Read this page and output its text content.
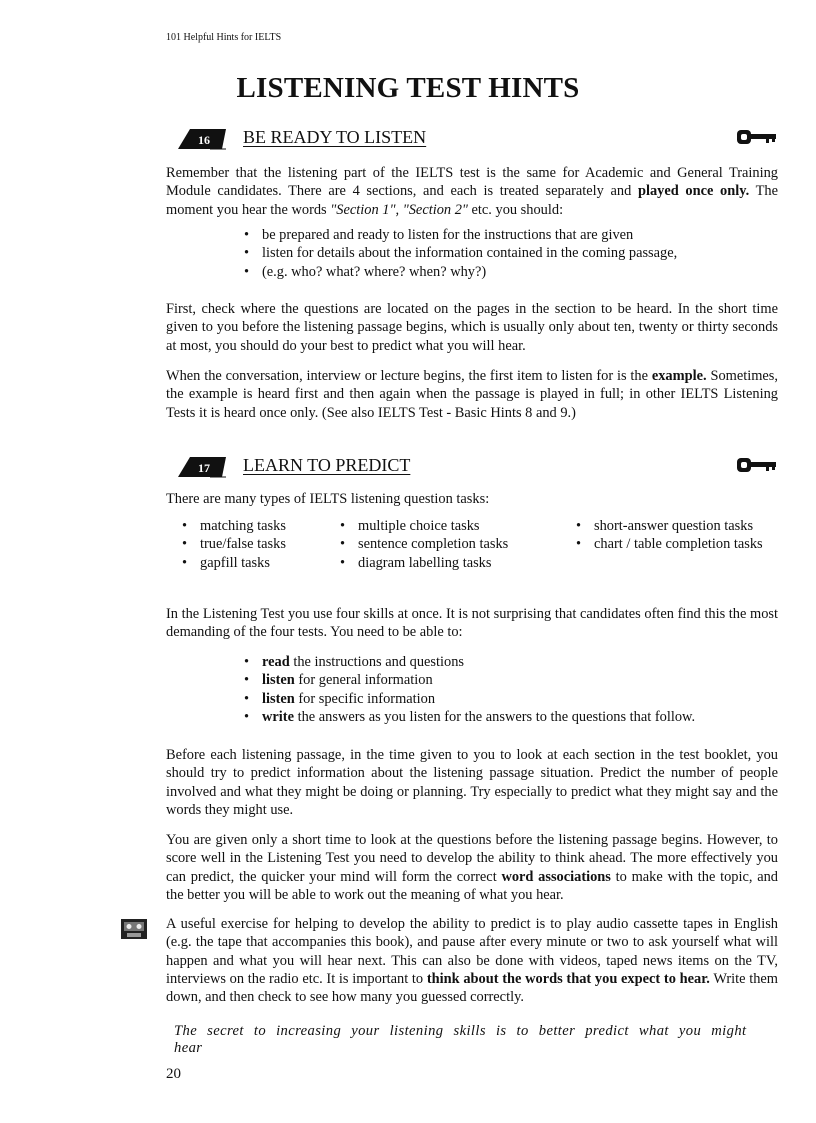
101 Helpful Hints for IELTS
LISTENING TEST HINTS
16 BE READY TO LISTEN
Remember that the listening part of the IELTS test is the same for Academic and General Training Module candidates. There are 4 sections, and each is treated separately and played once only. The moment you hear the words "Section 1", "Section 2" etc. you should:
• be prepared and ready to listen for the instructions that are given
• listen for details about the information contained in the coming passage,
• (e.g. who? what? where? when? why?)
First, check where the questions are located on the pages in the section to be heard. In the short time given to you before the listening passage begins, which is usually only about ten, twenty or thirty seconds at most, you should do your best to predict what you will hear.
When the conversation, interview or lecture begins, the first item to listen for is the example. Sometimes, the example is heard first and then again when the passage is played in full; in other IELTS Listening Tests it is heard once only. (See also IELTS Test - Basic Hints 8 and 9.)
17 LEARN TO PREDICT
There are many types of IELTS listening question tasks:
• matching tasks
• true/false tasks
• gapfill tasks
• multiple choice tasks
• sentence completion tasks
• diagram labelling tasks
• short-answer question tasks
• chart / table completion tasks
In the Listening Test you use four skills at once. It is not surprising that candidates often find this the most demanding of the four tests. You need to be able to:
• read the instructions and questions
• listen for general information
• listen for specific information
• write the answers as you listen for the answers to the questions that follow.
Before each listening passage, in the time given to you to look at each section in the test booklet, you should try to predict information about the listening passage situation. Predict the number of people involved and what they might be doing or planning. Try especially to predict what they might say and the words they might use.
You are given only a short time to look at the questions before the listening passage begins. However, to score well in the Listening Test you need to develop the ability to think ahead. The more effectively you can predict, the quicker your mind will form the correct word associations to make with the topic, and the better you will be able to work out the meaning of what you hear.
A useful exercise for helping to develop the ability to predict is to play audio cassette tapes in English (e.g. the tape that accompanies this book), and pause after every minute or two to ask yourself what will happen and what you will hear next. This can also be done with videos, taped news items on the TV, interviews on the radio etc. It is important to think about the words that you expect to hear. Write them down, and then check to see how many you guessed correctly.
The secret to increasing your listening skills is to better predict what you might hear
20
